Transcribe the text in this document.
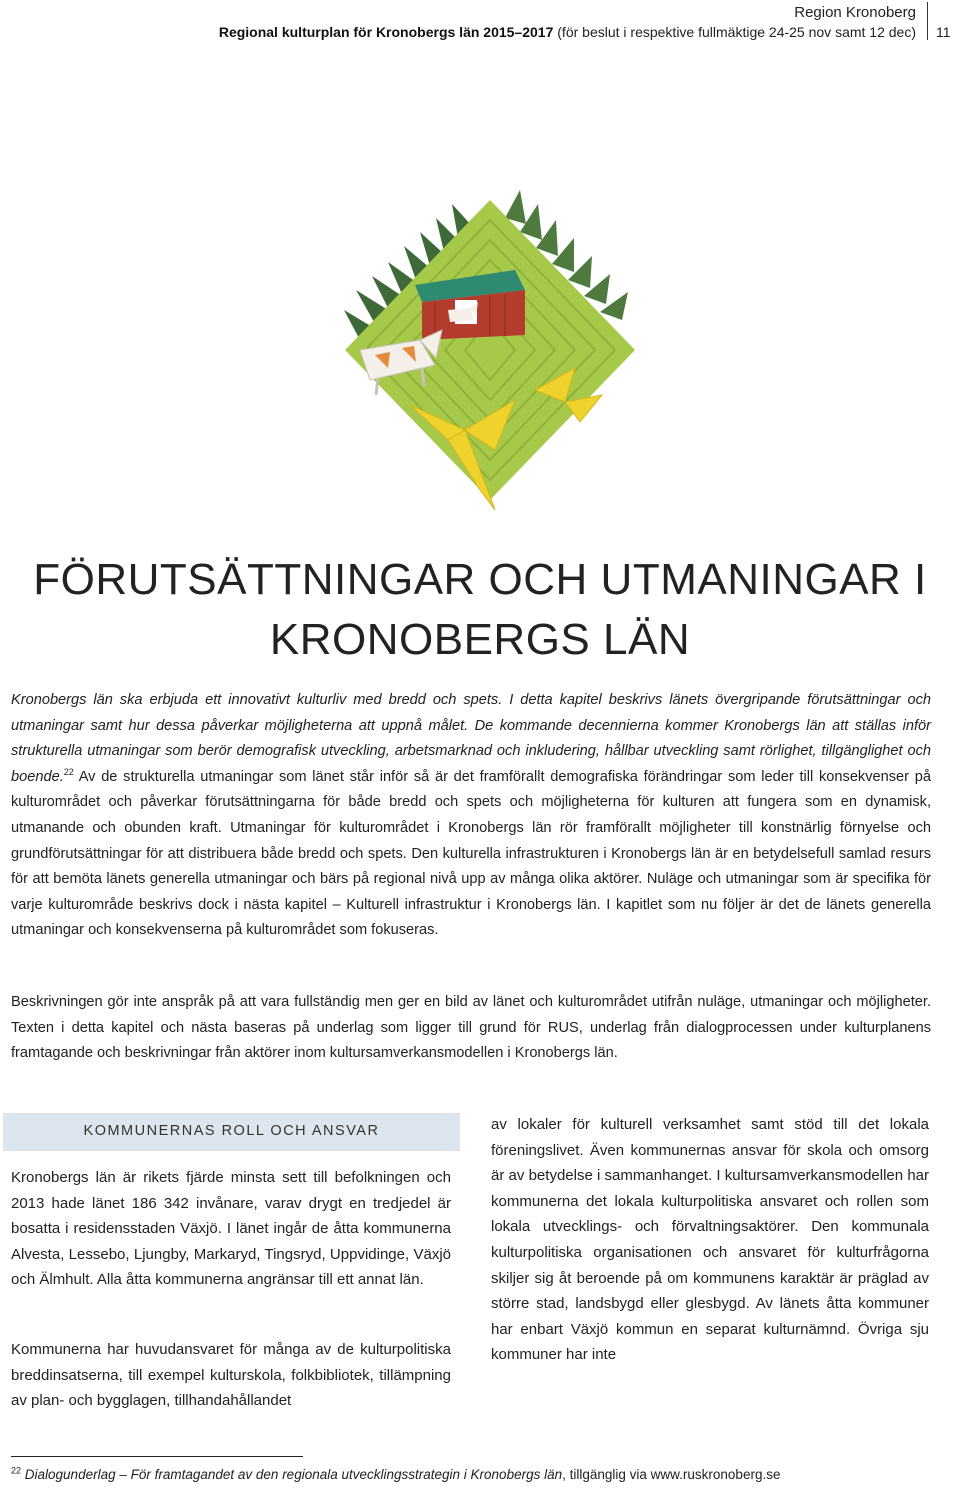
Region Kronoberg
Regional kulturplan för Kronobergs län 2015–2017 (för beslut i respektive fullmäktige 24-25 nov samt 12 dec) 11
FÖRUTSÄTTNINGAR OCH UTMANINGAR I
KRONOBERGS LÄN

Kronobergs län ska erbjuda ett innovativt kulturliv med bredd och spets. I detta kapitel beskrivs länets övergripande förutsättningar och utmaningar samt hur dessa påverkar möjligheterna att uppnå målet. De kommande decennierna kommer Kronobergs län att ställas inför strukturella utmaningar som berör demografisk utveckling, arbetsmarknad och inkludering, hållbar utveckling samt rörlighet, tillgänglighet och boende.$^{22}$ Av de strukturella utmaningar som länet står inför så är det framförallt demografiska förändringar som leder till konsekvenser på kulturområdet och påverkar förutsättningarna för både bredd och spets och möjligheterna för kulturen att fungera som en dynamisk, utmanande och obunden kraft. Utmaningar för kulturområdet i Kronobergs län rör framförallt möjligheter till konstnärlig förnyelse och grundförutsättningar för att distribuera både bredd och spets. Den kulturella infrastrukturen i Kronobergs län är en betydelsefull samlad resurs för att bemöta länets generella utmaningar och bärs på regional nivå upp av många olika aktörer. Nuläge och utmaningar som är specifika för varje kulturområde beskrivs dock i nästa kapitel – Kulturell infrastruktur i Kronobergs län. I kapitlet som nu följer är det de länets generella utmaningar och konsekvenserna på kulturområdet som fokuseras.

Beskrivningen gör inte anspråk på att vara fullständig men ger en bild av länet och kulturområdet utifrån nuläge, utmaningar och möjligheter. Texten i detta kapitel och nästa baseras på underlag som ligger till grund för RUS, underlag från dialogprocessen under kulturplanens framtagande och beskrivningar från aktörer inom kultursamverkansmodellen i Kronobergs län.

KOMMUNERNAS ROLL OCH ANSVAR

Kronobergs län är rikets fjärde minsta sett till befolkningen och 2013 hade länet 186 342 invånare, varav drygt en tredjedel är bosatta i residensstaden Växjö. I länet ingår de åtta kommunerna Alvesta, Lessebo, Ljungby, Markaryd, Tingsryd, Uppvidinge, Växjö och Älmhult. Alla åtta kommunerna angränsar till ett annat län.

Kommunerna har huvudansvaret för många av de kulturpolitiska breddinsatserna, till exempel kulturskola, folkbibliotek, tillämpning av plan- och bygglagen, tillhandahållandet

av lokaler för kulturell verksamhet samt stöd till det lokala föreningslivet. Även kommunernas ansvar för skola och omsorg är av betydelse i sammanhanget. I kultursamverkansmodellen har kommunerna det lokala kulturpolitiska ansvaret och rollen som lokala utvecklings- och förvaltningsaktörer. Den kommunala kulturpolitiska organisationen och ansvaret för kulturfrågorna skiljer sig åt beroende på om kommunens karaktär är präglad av större stad, landsbygd eller glesbygd. Av länets åtta kommuner har enbart Växjö kommun en separat kulturnämnd. Övriga sju kommuner har inte

$^{22}$ Dialogunderlag – För framtagandet av den regionala utvecklingsstrategin i Kronobergs län, tillgänglig via www.ruskronoberg.se
